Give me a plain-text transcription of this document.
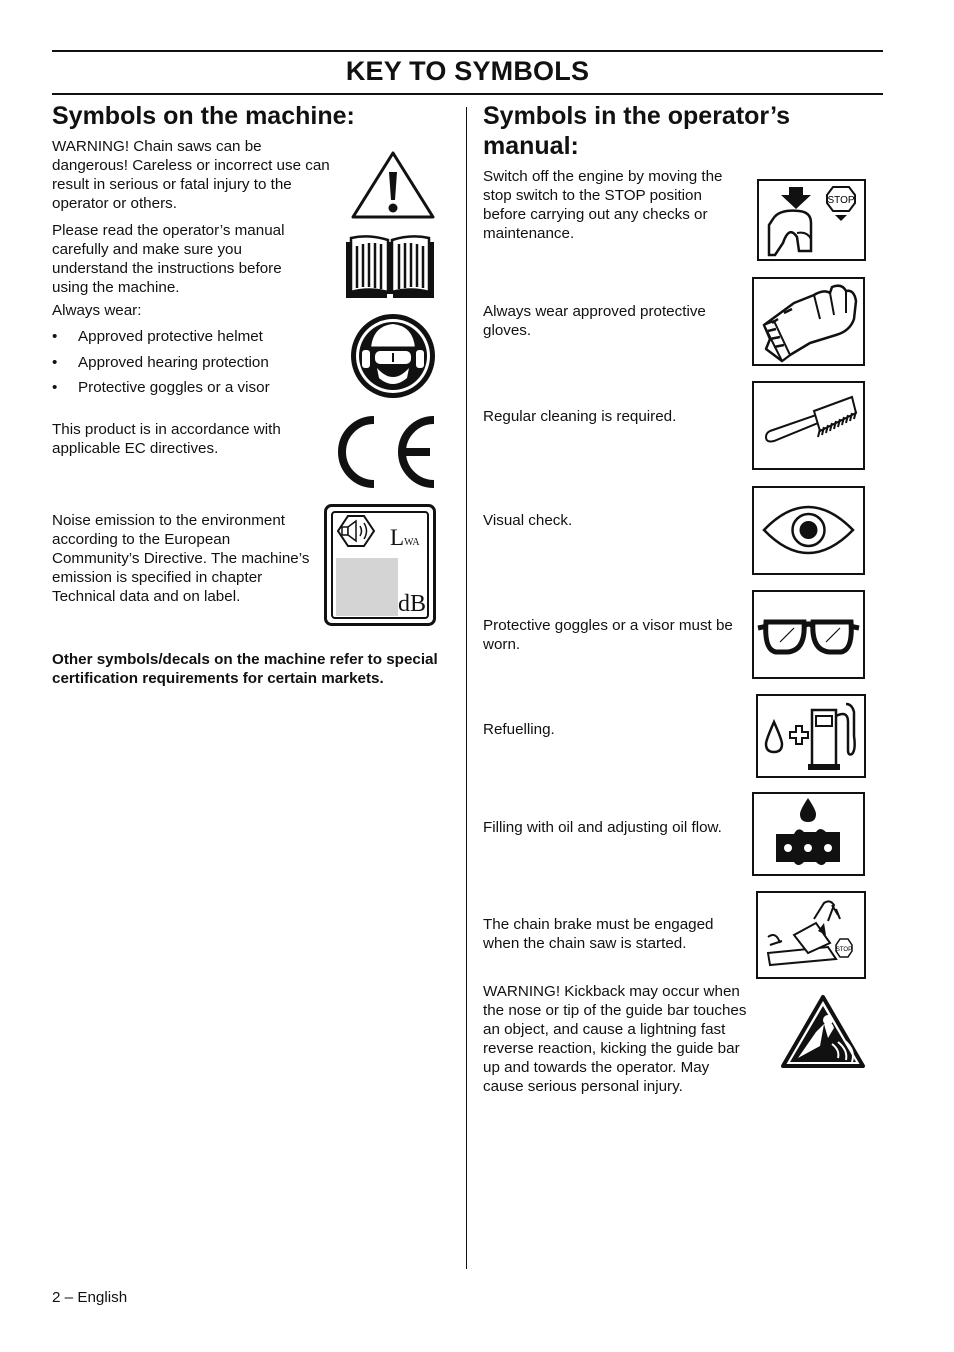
KEY TO SYMBOLS
Symbols on the machine:

WARNING! Chain saws can be dangerous! Careless or incorrect use can result in serious or fatal injury to the operator or others.

Please read the operator’s manual carefully and make sure you understand the instructions before using the machine.

Always wear:

• Approved protective helmet
• Approved hearing protection
• Protective goggles or a visor

This product is in accordance with applicable EC directives.

Noise emission to the environment according to the European Community’s Directive. The machine’s emission is specified in chapter Technical data and on label.

LWA
dB

Other symbols/decals on the machine refer to special certification requirements for certain markets.

Symbols in the operator’s manual:

Switch off the engine by moving the stop switch to the STOP position before carrying out any checks or maintenance.

STOP

Always wear approved protective gloves.

Regular cleaning is required.

Visual check.

Protective goggles or a visor must be worn.

Refuelling.

Filling with oil and adjusting oil flow.

The chain brake must be engaged when the chain saw is started.	STOP

WARNING! Kickback may occur when the nose or tip of the guide bar touches an object, and cause a lightning fast reverse reaction, kicking the guide bar up and towards the operator. May cause serious personal injury.

2 – English
